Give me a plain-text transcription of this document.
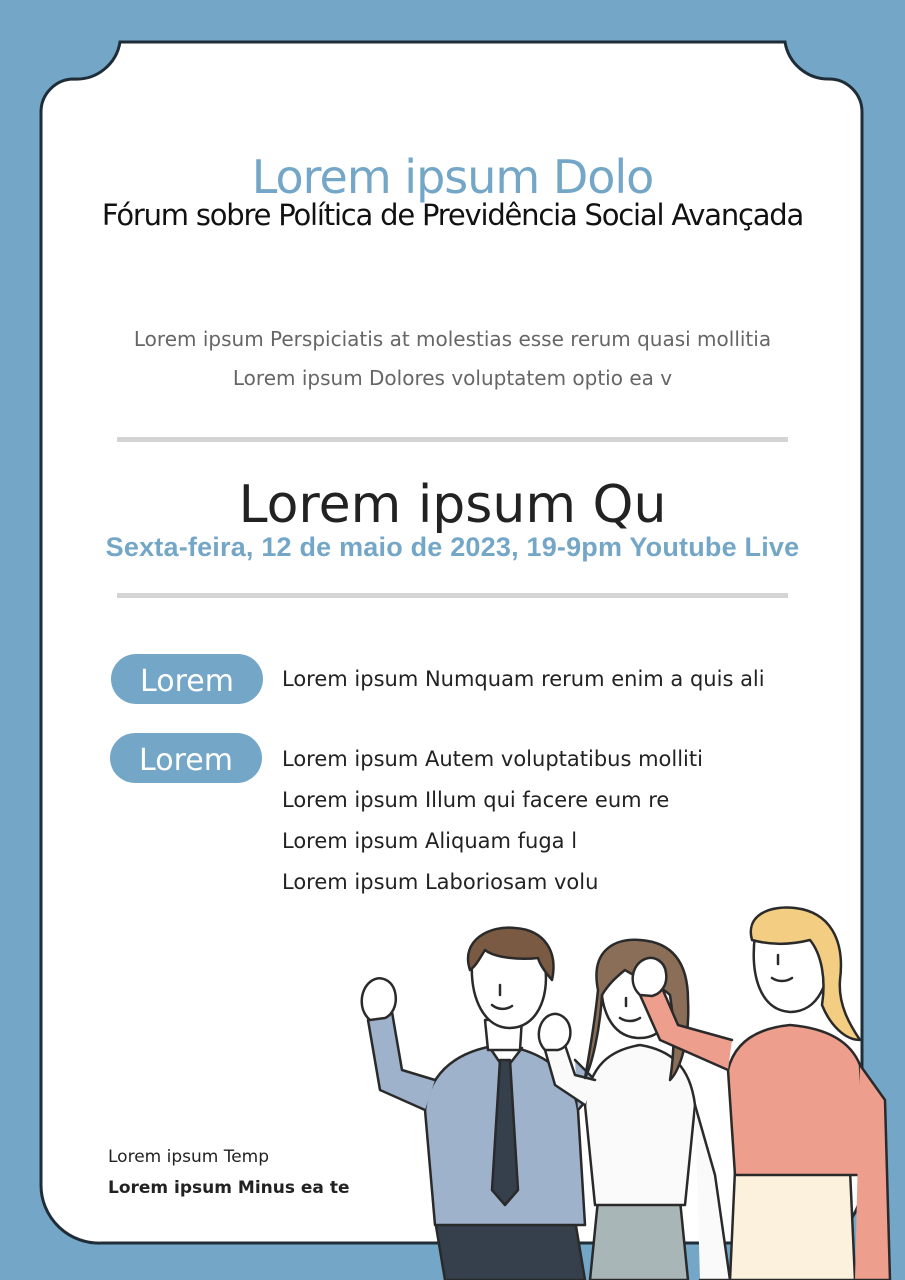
Lorem ipsum Dolo
Fórum sobre Política de Previdência Social Avançada
Lorem ipsum Perspiciatis at molestias esse rerum quasi mollitia
Lorem ipsum Dolores voluptatem optio ea v
Lorem ipsum Qu
Sexta-feira, 12 de maio de 2023, 19-9pm Youtube Live
Lorem	Lorem ipsum Numquam rerum enim a quis ali
Lorem	Lorem ipsum Autem voluptatibus molliti
Lorem ipsum Illum qui facere eum re
Lorem ipsum Aliquam fuga l
Lorem ipsum Laboriosam volu
Lorem ipsum Temp
Lorem ipsum Minus ea te
